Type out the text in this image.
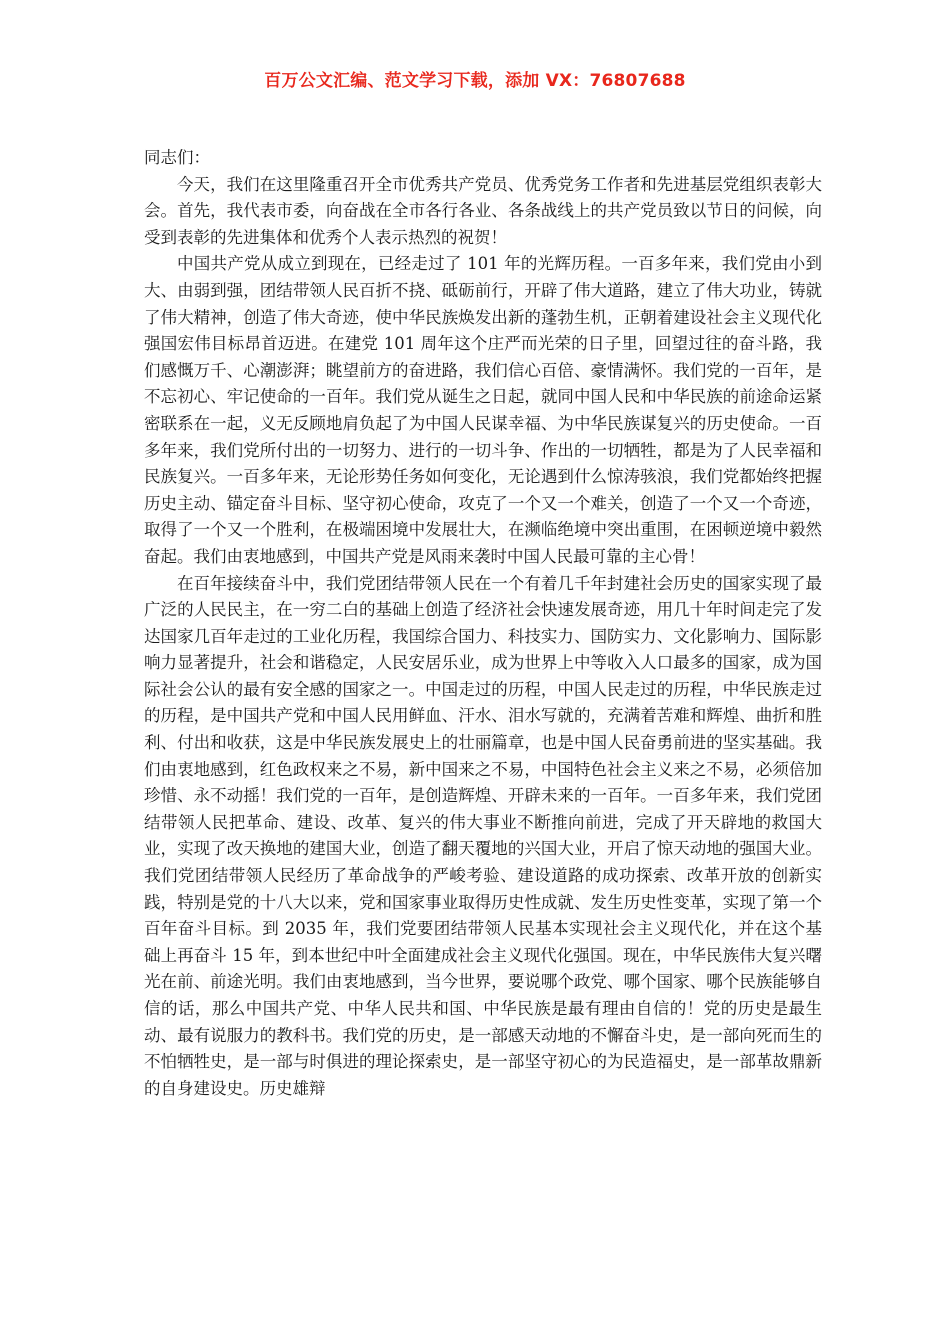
百万公文汇编、范文学习下载，添加 VX：76807688

同志们：

今天，我们在这里隆重召开全市优秀共产党员、优秀党务工作者和先进基层党组织表彰大会。首先，我代表市委，向奋战在全市各行各业、各条战线上的共产党员致以节日的问候，向受到表彰的先进集体和优秀个人表示热烈的祝贺！

中国共产党从成立到现在，已经走过了 101 年的光辉历程。一百多年来，我们党由小到大、由弱到强，团结带领人民百折不挠、砥砺前行，开辟了伟大道路，建立了伟大功业，铸就了伟大精神，创造了伟大奇迹，使中华民族焕发出新的蓬勃生机，正朝着建设社会主义现代化强国宏伟目标昂首迈进。在建党 101 周年这个庄严而光荣的日子里，回望过往的奋斗路，我们感慨万千、心潮澎湃；眺望前方的奋进路，我们信心百倍、豪情满怀。我们党的一百年，是不忘初心、牢记使命的一百年。我们党从诞生之日起，就同中国人民和中华民族的前途命运紧密联系在一起，义无反顾地肩负起了为中国人民谋幸福、为中华民族谋复兴的历史使命。一百多年来，我们党所付出的一切努力、进行的一切斗争、作出的一切牺牲，都是为了人民幸福和民族复兴。一百多年来，无论形势任务如何变化，无论遇到什么惊涛骇浪，我们党都始终把握历史主动、锚定奋斗目标、坚守初心使命，攻克了一个又一个难关，创造了一个又一个奇迹，取得了一个又一个胜利，在极端困境中发展壮大，在濒临绝境中突出重围，在困顿逆境中毅然奋起。我们由衷地感到，中国共产党是风雨来袭时中国人民最可靠的主心骨！

在百年接续奋斗中，我们党团结带领人民在一个有着几千年封建社会历史的国家实现了最广泛的人民民主，在一穷二白的基础上创造了经济社会快速发展奇迹，用几十年时间走完了发达国家几百年走过的工业化历程，我国综合国力、科技实力、国防实力、文化影响力、国际影响力显著提升，社会和谐稳定，人民安居乐业，成为世界上中等收入人口最多的国家，成为国际社会公认的最有安全感的国家之一。中国走过的历程，中国人民走过的历程，中华民族走过的历程，是中国共产党和中国人民用鲜血、汗水、泪水写就的，充满着苦难和辉煌、曲折和胜利、付出和收获，这是中华民族发展史上的壮丽篇章，也是中国人民奋勇前进的坚实基础。我们由衷地感到，红色政权来之不易，新中国来之不易，中国特色社会主义来之不易，必须倍加珍惜、永不动摇！我们党的一百年，是创造辉煌、开辟未来的一百年。一百多年来，我们党团结带领人民把革命、建设、改革、复兴的伟大事业不断推向前进，完成了开天辟地的救国大业，实现了改天换地的建国大业，创造了翻天覆地的兴国大业，开启了惊天动地的强国大业。我们党团结带领人民经历了革命战争的严峻考验、建设道路的成功探索、改革开放的创新实践，特别是党的十八大以来，党和国家事业取得历史性成就、发生历史性变革，实现了第一个百年奋斗目标。到 2035 年，我们党要团结带领人民基本实现社会主义现代化，并在这个基础上再奋斗 15 年，到本世纪中叶全面建成社会主义现代化强国。现在，中华民族伟大复兴曙光在前、前途光明。我们由衷地感到，当今世界，要说哪个政党、哪个国家、哪个民族能够自信的话，那么中国共产党、中华人民共和国、中华民族是最有理由自信的！党的历史是最生动、最有说服力的教科书。我们党的历史，是一部感天动地的不懈奋斗史，是一部向死而生的不怕牺牲史，是一部与时俱进的理论探索史，是一部坚守初心的为民造福史，是一部革故鼎新的自身建设史。历史雄辩
